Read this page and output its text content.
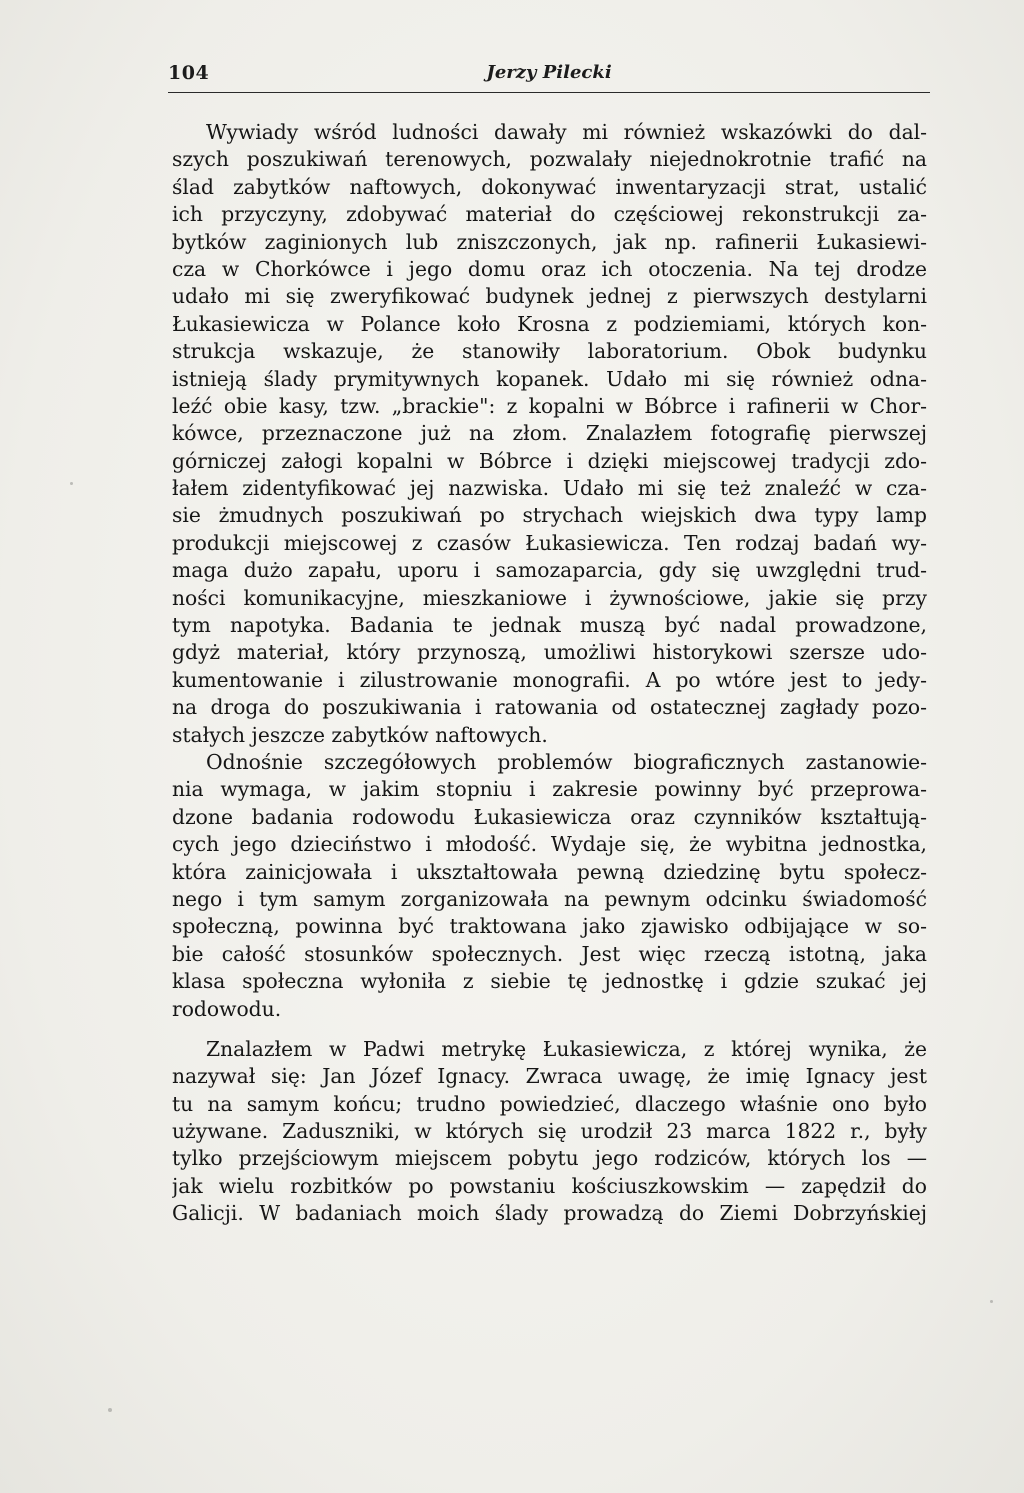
104	Jerzy Pilecki
Wywiady wśród ludności dawały mi również wskazówki do dal-
szych poszukiwań terenowych, pozwalały niejednokrotnie trafić na
ślad zabytków naftowych, dokonywać inwentaryzacji strat, ustalić
ich przyczyny, zdobywać materiał do częściowej rekonstrukcji za-
bytków zaginionych lub zniszczonych, jak np. rafinerii Łukasiewi-
cza w Chorkówce i jego domu oraz ich otoczenia. Na tej drodze
udało mi się zweryfikować budynek jednej z pierwszych destylarni
Łukasiewicza w Polance koło Krosna z podziemiami, których kon-
strukcja wskazuje, że stanowiły laboratorium. Obok budynku
istnieją ślady prymitywnych kopanek. Udało mi się również odna-
leźć obie kasy, tzw. „brackie": z kopalni w Bóbrce i rafinerii w Chor-
kówce, przeznaczone już na złom. Znalazłem fotografię pierwszej
górniczej załogi kopalni w Bóbrce i dzięki miejscowej tradycji zdo-
łałem zidentyfikować jej nazwiska. Udało mi się też znaleźć w cza-
sie żmudnych poszukiwań po strychach wiejskich dwa typy lamp
produkcji miejscowej z czasów Łukasiewicza. Ten rodzaj badań wy-
maga dużo zapału, uporu i samozaparcia, gdy się uwzględni trud-
ności komunikacyjne, mieszkaniowe i żywnościowe, jakie się przy
tym napotyka. Badania te jednak muszą być nadal prowadzone,
gdyż materiał, który przynoszą, umożliwi historykowi szersze udo-
kumentowanie i zilustrowanie monografii. A po wtóre jest to jedy-
na droga do poszukiwania i ratowania od ostatecznej zagłady pozo-
stałych jeszcze zabytków naftowych.
Odnośnie szczegółowych problemów biograficznych zastanowie-
nia wymaga, w jakim stopniu i zakresie powinny być przeprowa-
dzone badania rodowodu Łukasiewicza oraz czynników kształtują-
cych jego dzieciństwo i młodość. Wydaje się, że wybitna jednostka,
która zainicjowała i ukształtowała pewną dziedzinę bytu społecz-
nego i tym samym zorganizowała na pewnym odcinku świadomość
społeczną, powinna być traktowana jako zjawisko odbijające w so-
bie całość stosunków społecznych. Jest więc rzeczą istotną, jaka
klasa społeczna wyłoniła z siebie tę jednostkę i gdzie szukać jej
rodowodu.
Znalazłem w Padwi metrykę Łukasiewicza, z której wynika, że
nazywał się: Jan Józef Ignacy. Zwraca uwagę, że imię Ignacy jest
tu na samym końcu; trudno powiedzieć, dlaczego właśnie ono było
używane. Zaduszniki, w których się urodził 23 marca 1822 r., były
tylko przejściowym miejscem pobytu jego rodziców, których los —
jak wielu rozbitków po powstaniu kościuszkowskim — zapędził do
Galicji. W badaniach moich ślady prowadzą do Ziemi Dobrzyńskiej
